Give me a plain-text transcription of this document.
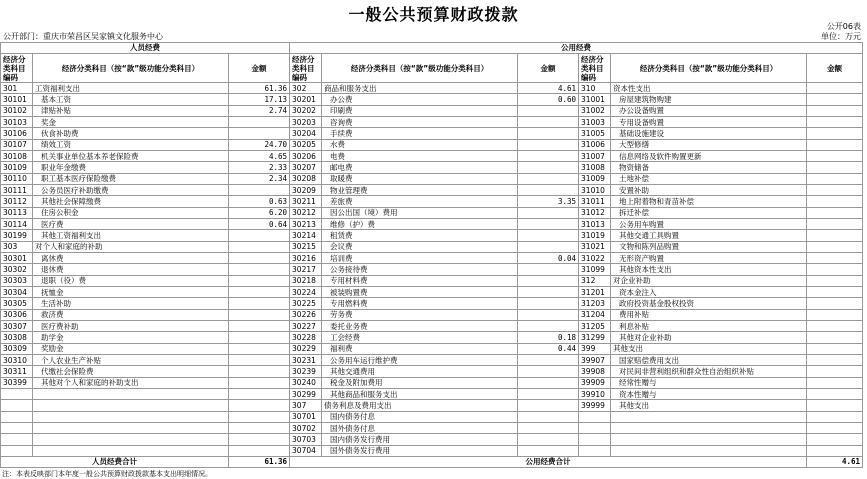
一般公共预算财政拨款
公开06表
公开部门：重庆市荣昌区吴家镇文化服务中心	单位：万元
人员经费			公用经费					
经济分类科目编码	经济分类科目（按“款”级功能分类科目）	金额	经济分类科目编码	经济分类科目（按“款”级功能分类科目）	金额	经济分类科目编码	经济分类科目（按“款”级功能分类科目）	金额
301	工资福利支出	61.36	302	商品和服务支出	4.61	310	资本性支出	
30101	基本工资	17.13	30201	办公费	0.60	31001	房屋建筑物购建	
30102	津贴补贴	2.74	30202	印刷费		31002	办公设备购置	
30103	奖金		30203	咨询费		31003	专用设备购置	
30106	伙食补助费		30204	手续费		31005	基础设施建设	
30107	绩效工资	24.70	30205	水费		31006	大型修缮	
30108	机关事业单位基本养老保险费	4.65	30206	电费		31007	信息网络及软件购置更新	
30109	职业年金缴费	2.33	30207	邮电费		31008	物资储备	
30110	职工基本医疗保险缴费	2.34	30208	取暖费		31009	土地补偿	
30111	公务员医疗补助缴费		30209	物业管理费		31010	安置补助	
30112	其他社会保障缴费	0.63	30211	差旅费	3.35	31011	地上附着物和青苗补偿	
30113	住房公积金	6.20	30212	因公出国（境）费用		31012	拆迁补偿	
30114	医疗费	0.64	30213	维修（护）费		31013	公务用车购置	
30199	其他工资福利支出		30214	租赁费		31019	其他交通工具购置	
303	对个人和家庭的补助		30215	会议费		31021	文物和陈列品购置	
30301	离休费		30216	培训费	0.04	31022	无形资产购置	
30302	退休费		30217	公务接待费		31099	其他资本性支出	
30303	退职（役）费		30218	专用材料费		312	对企业补助	
30304	抚恤金		30224	被装购置费		31201	资本金注入	
30305	生活补助		30225	专用燃料费		31203	政府投资基金股权投资	
30306	救济费		30226	劳务费		31204	费用补贴	
30307	医疗费补助		30227	委托业务费		31205	利息补贴	
30308	助学金		30228	工会经费	0.18	31299	其他对企业补助	
30309	奖励金		30229	福利费	0.44	399	其他支出	
30310	个人农业生产补贴		30231	公务用车运行维护费		39907	国家赔偿费用支出	
30311	代缴社会保险费		30239	其他交通费用		39908	对民间非营利组织和群众性自治组织补贴	
30399	其他对个人和家庭的补助支出		30240	税金及附加费用		39909	经常性赠与	
			30299	其他商品和服务支出		39910	资本性赠与	
			307	债务利息及费用支出		39999	其他支出	
			30701	国内债务付息				
			30702	国外债务付息				
			30703	国内债务发行费用				
			30704	国外债务发行费用				
人员经费合计		61.36	公用经费合计					4.61
注：本表反映部门本年度一般公共预算财政拨款基本支出明细情况。
